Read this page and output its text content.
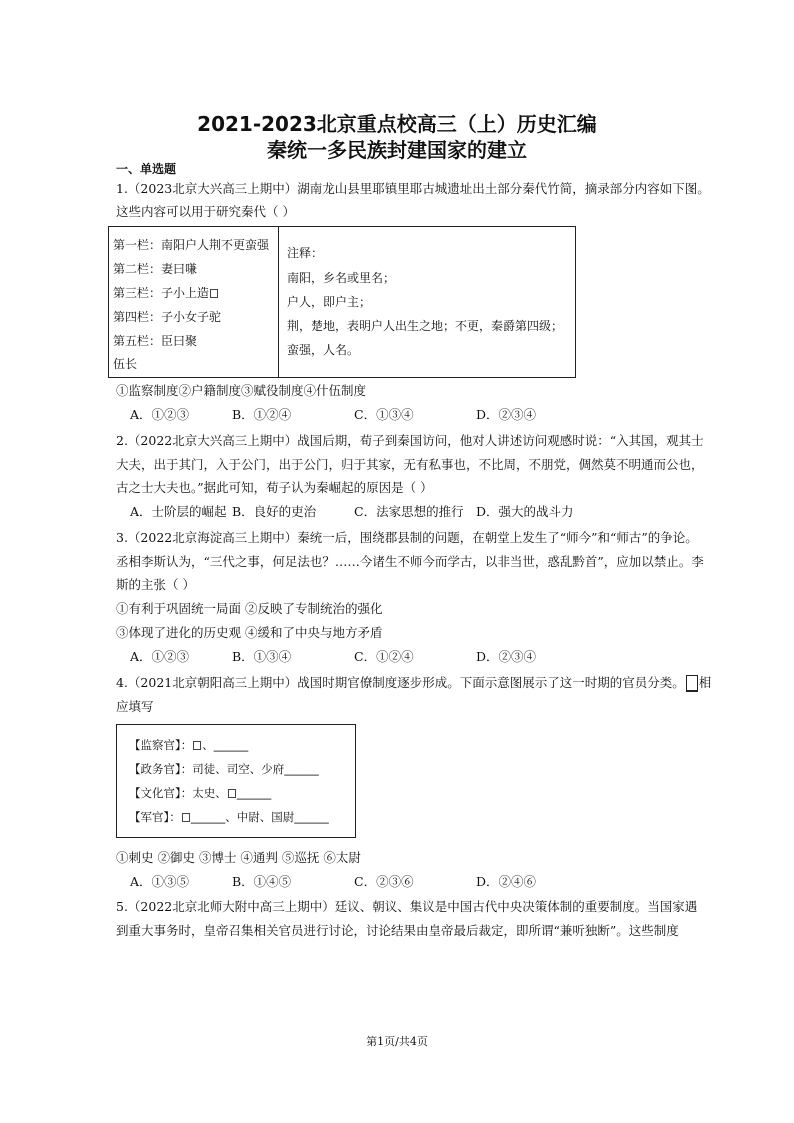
2021-2023北京重点校高三（上）历史汇编
秦统一多民族封建国家的建立
一、单选题
1.（2023北京大兴高三上期中）湖南龙山县里耶镇里耶古城遗址出土部分秦代竹简，摘录部分内容如下图。
这些内容可以用于研究秦代（ ）
第一栏：南阳户人荆不更蛮强
第二栏：妻曰嗛
第三栏：子小上造
第四栏：子小女子驼
第五栏：臣曰聚
伍长
注释：
南阳，乡名或里名；
户人，即户主；
荆，楚地，表明户人出生之地；不更，秦爵第四级；
蛮强，人名。
①监察制度②户籍制度③赋役制度④什伍制度
A．①②③	B．①②④	C．①③④	D．②③④
2.（2022北京大兴高三上期中）战国后期，荀子到秦国访问，他对人讲述访问观感时说：“入其国，观其士
大夫，出于其门，入于公门，出于公门，归于其家，无有私事也，不比周，不朋党，倜然莫不明通而公也，
古之士大夫也。”据此可知，荀子认为秦崛起的原因是（ ）
A．士阶层的崛起 B．良好的吏治	C．法家思想的推行 D．强大的战斗力
3.（2022北京海淀高三上期中）秦统一后，围绕郡县制的问题，在朝堂上发生了“师今”和“师古”的争论。
丞相李斯认为，“三代之事，何足法也？……今诸生不师今而学古，以非当世，惑乱黔首”，应加以禁止。李
斯的主张（ ）
①有利于巩固统一局面 ②反映了专制统治的强化
③体现了进化的历史观 ④缓和了中央与地方矛盾
A．①②③	B．①③④	C．①②④	D．②③④
4.（2021北京朝阳高三上期中）战国时期官僚制度逐步形成。下面示意图展示了这一时期的官员分类。 相
应填写
【监察官】： 、______
【政务官】：司徒、司空、少府______
【文化官】：太史、 ______
【军官】： ______、中尉、国尉______
①刺史 ②御史 ③博士 ④通判 ⑤巡抚 ⑥太尉
A．①③⑤	B．①④⑤	C．②③⑥	D．②④⑥
5.（2022北京北师大附中高三上期中）廷议、朝议、集议是中国古代中央决策体制的重要制度。当国家遇
到重大事务时，皇帝召集相关官员进行讨论，讨论结果由皇帝最后裁定，即所谓“兼听独断”。这些制度
第1页/共4页
